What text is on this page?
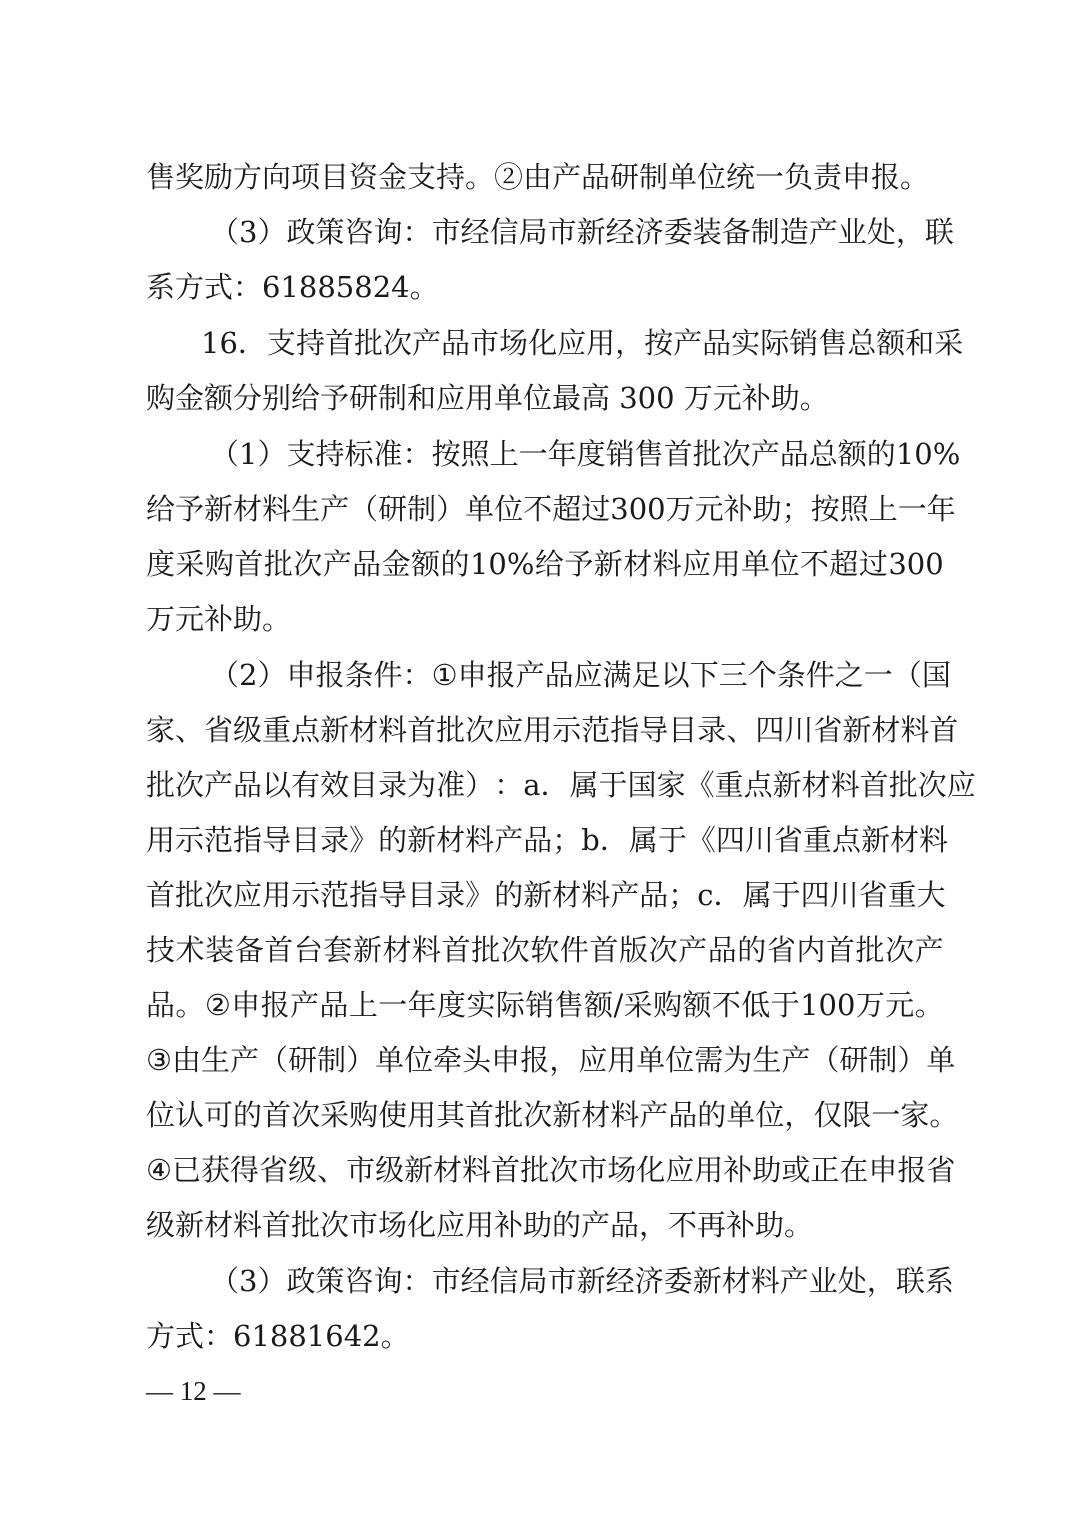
售奖励方向项目资金支持。②由产品研制单位统一负责申报。
（ 3 ） 政 策 咨 询 ： 市 经 信 局 市 新 经 济 委 装 备 制 造 产 业 处 ， 联
系方式：61885824。
16 ． 支 持 首 批 次 产 品 市 场 化 应 用 ， 按 产 品 实 际 销 售 总 额 和 采
购金额分别给予研制和应用单位最高 300 万元补助。
（ 1 ） 支 持 标 准 ： 按 照 上 一 年 度 销 售 首 批 次 产 品 总 额 的 10%
给 予 新 材 料 生 产 （ 研 制 ） 单 位 不 超 过 300 万 元 补 助 ； 按 照 上 一 年
度 采 购 首 批 次 产 品 金 额 的 10% 给 予 新 材 料 应 用 单 位 不 超 过 300
万元补助。
（ 2 ） 申 报 条 件 ： ① 申 报 产 品 应 满 足 以 下 三 个 条 件 之 一 （ 国
家 、 省 级 重 点 新 材 料 首 批 次 应 用 示 范 指 导 目 录 、 四 川 省 新 材 料 首
批 次 产 品 以 有 效 目 录 为 准 ） ： a ． 属 于 国 家 《 重 点 新 材 料 首 批 次 应
用 示 范 指 导 目 录 》 的 新 材 料 产 品 ； b ． 属 于 《 四 川 省 重 点 新 材 料
首 批 次 应 用 示 范 指 导 目 录 》 的 新 材 料 产 品 ； c ． 属 于 四 川 省 重 大
技 术 装 备 首 台 套 新 材 料 首 批 次 软 件 首 版 次 产 品 的 省 内 首 批 次 产
品 。 ② 申 报 产 品 上 一 年 度 实 际 销 售 额 / 采 购 额 不 低 于 100 万 元 。
③ 由 生 产 （ 研 制 ） 单 位 牵 头 申 报 ， 应 用 单 位 需 为 生 产 （ 研 制 ） 单
位 认 可 的 首 次 采 购 使 用 其 首 批 次 新 材 料 产 品 的 单 位 ， 仅 限 一 家 。
④ 已 获 得 省 级 、 市 级 新 材 料 首 批 次 市 场 化 应 用 补 助 或 正 在 申 报 省
级新材料首批次市场化应用补助的产品，不再补助。
（ 3 ） 政 策 咨 询 ： 市 经 信 局 市 新 经 济 委 新 材 料 产 业 处 ， 联 系
方式：61881642。
— 12 —
